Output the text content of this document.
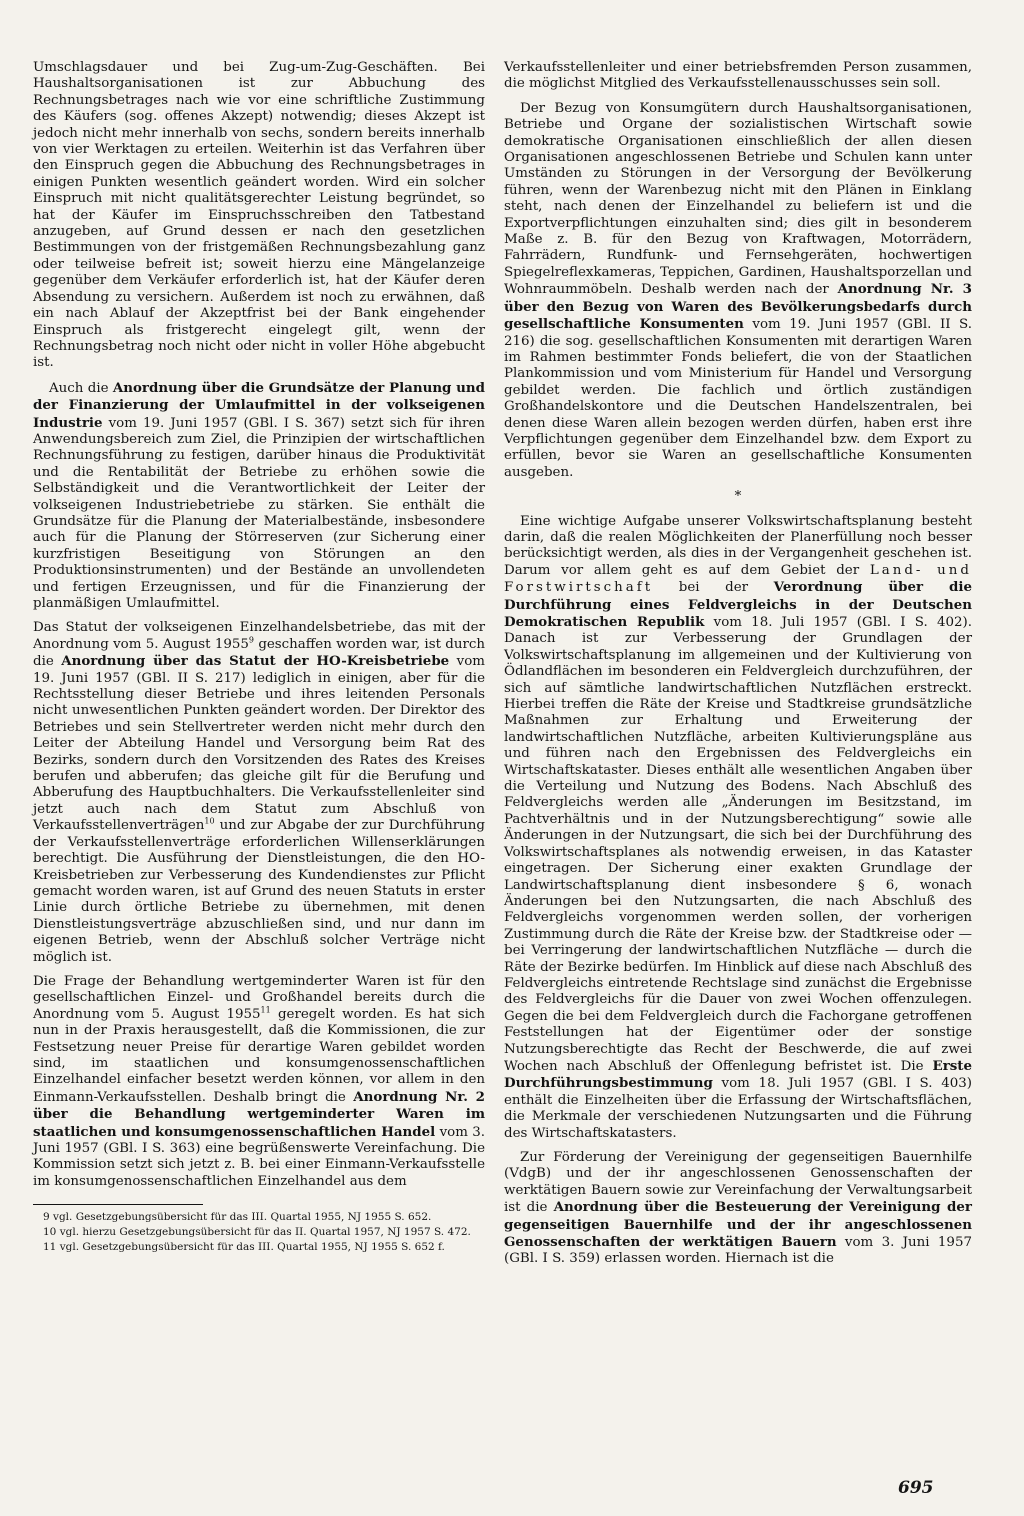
Umschlagsdauer und bei Zug-um-Zug-Geschäften. Bei Haushaltsorganisationen ist zur Abbuchung des Rechnungsbetrages nach wie vor eine schriftliche Zustimmung des Käufers (sog. offenes Akzept) notwendig; dieses Akzept ist jedoch nicht mehr innerhalb von sechs, sondern bereits innerhalb von vier Werktagen zu erteilen. Weiterhin ist das Verfahren über den Einspruch gegen die Abbuchung des Rechnungsbetrages in einigen Punkten wesentlich geändert worden. Wird ein solcher Einspruch mit nicht qualitätsgerechter Leistung begründet, so hat der Käufer im Einspruchsschreiben den Tatbestand anzugeben, auf Grund dessen er nach den gesetzlichen Bestimmungen von der fristgemäßen Rechnungsbezahlung ganz oder teilweise befreit ist; soweit hierzu eine Mängelanzeige gegenüber dem Verkäufer erforderlich ist, hat der Käufer deren Absendung zu versichern. Außerdem ist noch zu erwähnen, daß ein nach Ablauf der Akzeptfrist bei der Bank eingehender Einspruch als fristgerecht eingelegt gilt, wenn der Rechnungsbetrag noch nicht oder nicht in voller Höhe abgebucht ist.

Auch die Anordnung über die Grundsätze der Planung und der Finanzierung der Umlaufmittel in der volkseigenen Industrie vom 19. Juni 1957 (GBl. I S. 367) setzt sich für ihren Anwendungsbereich zum Ziel, die Prinzipien der wirtschaftlichen Rechnungsführung zu festigen, darüber hinaus die Produktivität und die Rentabilität der Betriebe zu erhöhen sowie die Selbständigkeit und die Verantwortlichkeit der Leiter der volkseigenen Industriebetriebe zu stärken. Sie enthält die Grundsätze für die Planung der Materialbestände, insbesondere auch für die Planung der Störreserven (zur Sicherung einer kurzfristigen Beseitigung von Störungen an den Produktionsinstrumenten) und der Bestände an unvollendeten und fertigen Erzeugnissen, und für die Finanzierung der planmäßigen Umlaufmittel.

Das Statut der volkseigenen Einzelhandelsbetriebe, das mit der Anordnung vom 5. August 1955$^9$ geschaffen worden war, ist durch die Anordnung über das Statut der HO-Kreisbetriebe vom 19. Juni 1957 (GBl. II S. 217) lediglich in einigen, aber für die Rechtsstellung dieser Betriebe und ihres leitenden Personals nicht unwesentlichen Punkten geändert worden. Der Direktor des Betriebes und sein Stellvertreter werden nicht mehr durch den Leiter der Abteilung Handel und Versorgung beim Rat des Bezirks, sondern durch den Vorsitzenden des Rates des Kreises berufen und abberufen; das gleiche gilt für die Berufung und Abberufung des Hauptbuchhalters. Die Verkaufsstellenleiter sind jetzt auch nach dem Statut zum Abschluß von Verkaufsstellenverträgen$^{10}$ und zur Abgabe der zur Durchführung der Verkaufsstellenverträge erforderlichen Willenserklärungen berechtigt. Die Ausführung der Dienstleistungen, die den HO-Kreisbetrieben zur Verbesserung des Kundendienstes zur Pflicht gemacht worden waren, ist auf Grund des neuen Statuts in erster Linie durch örtliche Betriebe zu übernehmen, mit denen Dienstleistungsverträge abzuschließen sind, und nur dann im eigenen Betrieb, wenn der Abschluß solcher Verträge nicht möglich ist.

Die Frage der Behandlung wertgeminderter Waren ist für den gesellschaftlichen Einzel- und Großhandel bereits durch die Anordnung vom 5. August 1955$^{11}$ geregelt worden. Es hat sich nun in der Praxis herausgestellt, daß die Kommissionen, die zur Festsetzung neuer Preise für derartige Waren gebildet worden sind, im staatlichen und konsumgenossenschaftlichen Einzelhandel einfacher besetzt werden können, vor allem in den Einmann-Verkaufsstellen. Deshalb bringt die Anordnung Nr. 2 über die Behandlung wertgeminderter Waren im staatlichen und konsumgenossenschaftlichen Handel vom 3. Juni 1957 (GBl. I S. 363) eine begrüßenswerte Vereinfachung. Die Kommission setzt sich jetzt z. B. bei einer Einmann-Verkaufsstelle im konsumgenossenschaftlichen Einzelhandel aus dem

9 vgl. Gesetzgebungsübersicht für das III. Quartal 1955, NJ 1955 S. 652.
10 vgl. hierzu Gesetzgebungsübersicht für das II. Quartal 1957, NJ 1957 S. 472.
11 vgl. Gesetzgebungsübersicht für das III. Quartal 1955, NJ 1955 S. 652 f.

Verkaufsstellenleiter und einer betriebsfremden Person zusammen, die möglichst Mitglied des Verkaufsstellenausschusses sein soll.

Der Bezug von Konsumgütern durch Haushaltsorganisationen, Betriebe und Organe der sozialistischen Wirtschaft sowie demokratische Organisationen einschließlich der allen diesen Organisationen angeschlossenen Betriebe und Schulen kann unter Umständen zu Störungen in der Versorgung der Bevölkerung führen, wenn der Warenbezug nicht mit den Plänen in Einklang steht, nach denen der Einzelhandel zu beliefern ist und die Exportverpflichtungen einzuhalten sind; dies gilt in besonderem Maße z. B. für den Bezug von Kraftwagen, Motorrädern, Fahrrädern, Rundfunk- und Fernsehgeräten, hochwertigen Spiegelreflexkameras, Teppichen, Gardinen, Haushaltsporzellan und Wohnraummöbeln. Deshalb werden nach der Anordnung Nr. 3 über den Bezug von Waren des Bevölkerungsbedarfs durch gesellschaftliche Konsumenten vom 19. Juni 1957 (GBl. II S. 216) die sog. gesellschaftlichen Konsumenten mit derartigen Waren im Rahmen bestimmter Fonds beliefert, die von der Staatlichen Plankommission und vom Ministerium für Handel und Versorgung gebildet werden. Die fachlich und örtlich zuständigen Großhandelskontore und die Deutschen Handelszentralen, bei denen diese Waren allein bezogen werden dürfen, haben erst ihre Verpflichtungen gegenüber dem Einzelhandel bzw. dem Export zu erfüllen, bevor sie Waren an gesellschaftliche Konsumenten ausgeben.

*

Eine wichtige Aufgabe unserer Volkswirtschaftsplanung besteht darin, daß die realen Möglichkeiten der Planerfüllung noch besser berücksichtigt werden, als dies in der Vergangenheit geschehen ist. Darum vor allem geht es auf dem Gebiet der Land- und Forstwirtschaft bei der Verordnung über die Durchführung eines Feldvergleichs in der Deutschen Demokratischen Republik vom 18. Juli 1957 (GBl. I S. 402). Danach ist zur Verbesserung der Grundlagen der Volkswirtschaftsplanung im allgemeinen und der Kultivierung von Ödlandflächen im besonderen ein Feldvergleich durchzuführen, der sich auf sämtliche landwirtschaftlichen Nutzflächen erstreckt. Hierbei treffen die Räte der Kreise und Stadtkreise grundsätzliche Maßnahmen zur Erhaltung und Erweiterung der landwirtschaftlichen Nutzfläche, arbeiten Kultivierungspläne aus und führen nach den Ergebnissen des Feldvergleichs ein Wirtschaftskataster. Dieses enthält alle wesentlichen Angaben über die Verteilung und Nutzung des Bodens. Nach Abschluß des Feldvergleichs werden alle „Änderungen im Besitzstand, im Pachtverhältnis und in der Nutzungsberechtigung“ sowie alle Änderungen in der Nutzungsart, die sich bei der Durchführung des Volkswirtschaftsplanes als notwendig erweisen, in das Kataster eingetragen. Der Sicherung einer exakten Grundlage der Landwirtschaftsplanung dient insbesondere § 6, wonach Änderungen bei den Nutzungsarten, die nach Abschluß des Feldvergleichs vorgenommen werden sollen, der vorherigen Zustimmung durch die Räte der Kreise bzw. der Stadtkreise oder — bei Verringerung der landwirtschaftlichen Nutzfläche — durch die Räte der Bezirke bedürfen. Im Hinblick auf diese nach Abschluß des Feldvergleichs eintretende Rechtslage sind zunächst die Ergebnisse des Feldvergleichs für die Dauer von zwei Wochen offenzulegen. Gegen die bei dem Feldvergleich durch die Fachorgane getroffenen Feststellungen hat der Eigentümer oder der sonstige Nutzungsberechtigte das Recht der Beschwerde, die auf zwei Wochen nach Abschluß der Offenlegung befristet ist. Die Erste Durchführungsbestimmung vom 18. Juli 1957 (GBl. I S. 403) enthält die Einzelheiten über die Erfassung der Wirtschaftsflächen, die Merkmale der verschiedenen Nutzungsarten und die Führung des Wirtschaftskatasters.

Zur Förderung der Vereinigung der gegenseitigen Bauernhilfe (VdgB) und der ihr angeschlossenen Genossenschaften der werktätigen Bauern sowie zur Vereinfachung der Verwaltungsarbeit ist die Anordnung über die Besteuerung der Vereinigung der gegenseitigen Bauernhilfe und der ihr angeschlossenen Genossenschaften der werktätigen Bauern vom 3. Juni 1957 (GBl. I S. 359) erlassen worden. Hiernach ist die

695
